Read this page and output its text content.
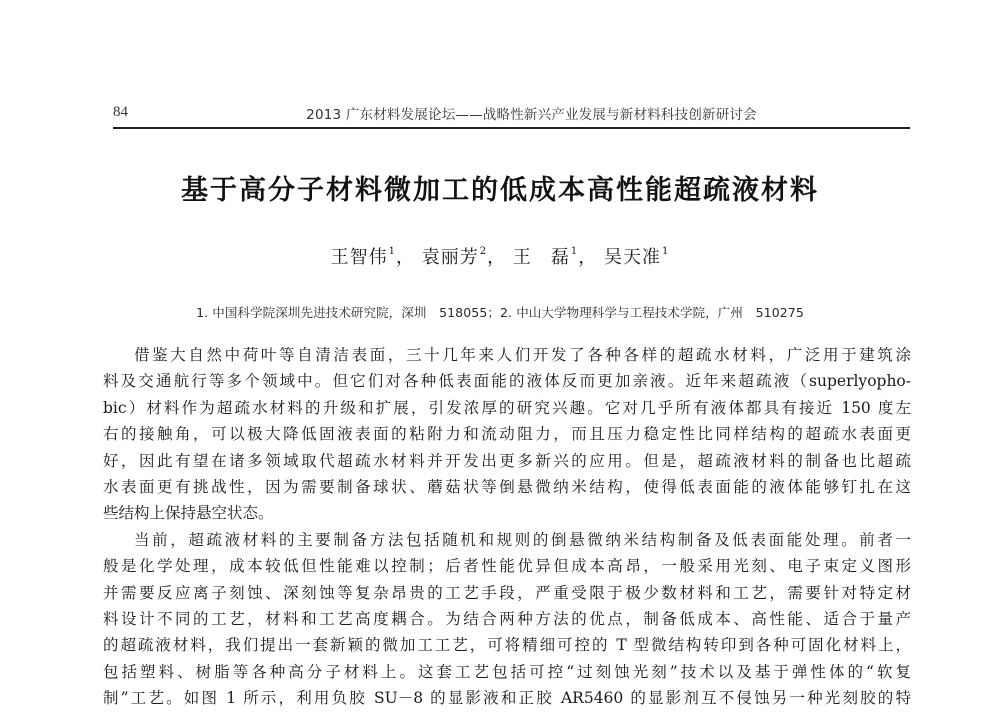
84	2013 广东材料发展论坛——战略性新兴产业发展与新材料科技创新研讨会
基于高分子材料微加工的低成本高性能超疏液材料
王智伟$^1$， 袁丽芳$^2$， 王　磊$^1$， 吴天准$^1$
1. 中国科学院深圳先进技术研究院，深圳　518055；2. 中山大学物理科学与工程技术学院，广州　510275

借鉴大自然中荷叶等自清洁表面，三十几年来人们开发了各种各样的超疏水材料，广泛用于建筑涂
料及交通航行等多个领域中。但它们对各种低表面能的液体反而更加亲液。近年来超疏液（superlyopho-
bic）材料作为超疏水材料的升级和扩展，引发浓厚的研究兴趣。它对几乎所有液体都具有接近 150 度左
右的接触角，可以极大降低固液表面的粘附力和流动阻力，而且压力稳定性比同样结构的超疏水表面更
好，因此有望在诸多领域取代超疏水材料并开发出更多新兴的应用。但是，超疏液材料的制备也比超疏
水表面更有挑战性，因为需要制备球状、蘑菇状等倒悬微纳米结构，使得低表面能的液体能够钉扎在这
些结构上保持悬空状态。

当前，超疏液材料的主要制备方法包括随机和规则的倒悬微纳米结构制备及低表面能处理。前者一
般是化学处理，成本较低但性能难以控制；后者性能优异但成本高昂，一般采用光刻、电子束定义图形
并需要反应离子刻蚀、深刻蚀等复杂昂贵的工艺手段，严重受限于极少数材料和工艺，需要针对特定材
料设计不同的工艺，材料和工艺高度耦合。为结合两种方法的优点，制备低成本、高性能、适合于量产
的超疏液材料，我们提出一套新颖的微加工工艺，可将精细可控的 T 型微结构转印到各种可固化材料上，
包括塑料、树脂等各种高分子材料上。这套工艺包括可控“过刻蚀光刻”技术以及基于弹性体的“软复
制”工艺。如图 1 所示，利用负胶 SU－8 的显影液和正胶 AR5460 的显影剂互不侵蚀另一种光刻胶的特
